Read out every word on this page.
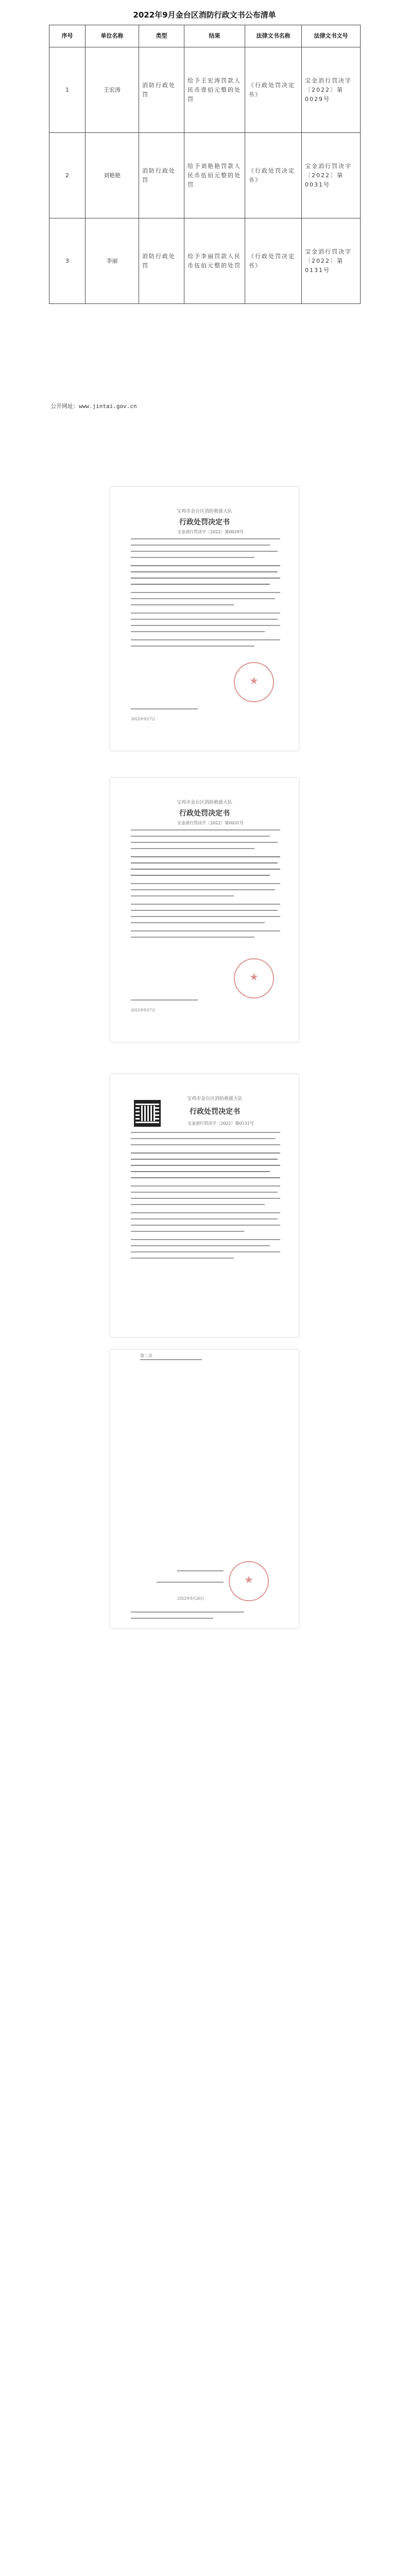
2022年9月金台区消防行政文书公布清单
序号	单位名称	类型	结果	法律文书名称	法律文书文号
1	王宏涛	消防行政处罚	给予王宏涛罚款人民币壹佰元整的处罚	《行政处罚决定书》	宝金消行罚决字〔2022〕第0029号
2	刘艳艳	消防行政处罚	给予刘艳艳罚款人民币伍佰元整的处罚	《行政处罚决定书》	宝金消行罚决字〔2022〕第0031号
3	李丽	消防行政处罚	给予李丽罚款人民币伍佰元整的处罚	《行政处罚决定书》	宝金消行罚决字〔2022〕第0131号
公开网址：www.jintai.gov.cn
宝鸡市金台区消防救援大队
行政处罚决定书
宝金消行罚决字〔2022〕第0029号
★
2022年9月7日
宝鸡市金台区消防救援大队
行政处罚决定书
宝金消行罚决字〔2022〕第0031号
★
2022年9月7日
宝鸡市金台区消防救援大队
行政处罚决定书
宝金消行罚决字〔2022〕第0131号
第二页
★
2022年9月26日
